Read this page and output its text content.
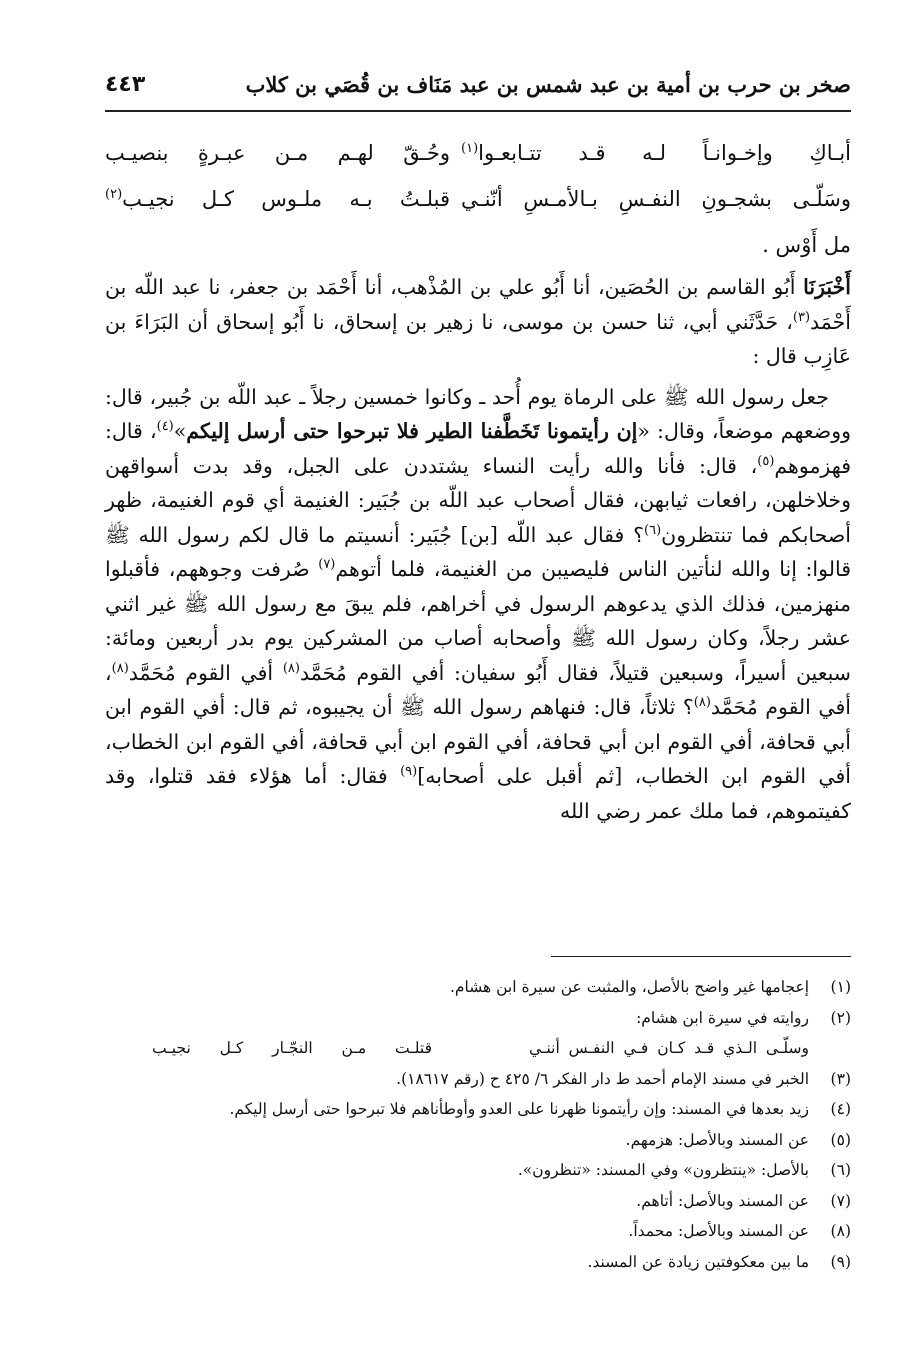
صخر بن حرب بن أمية بن عبد شمس بن عبد مَنَاف بن قُصَي بن كلاب
٤٤٣
أبـاكِ وإخـوانـاً لـه قـد تتـابعـوا$^{(١)}$
وحُـقّ لهـم مـن عبـرةٍ بنصيـب
وسَلّـى بشجـونِ النفـسِ بـالأمـسِ أنّنـي
قبلـتُ بـه ملـوس كـل نجيـب$^{(٢)}$
مل أَوْس .

أَخْبَرَنَا أَبُو القاسم بن الحُصَين، أنا أَبُو علي بن المُذْهب، أنا أَحْمَد بن جعفر، نا عبد اللّه بن أَحْمَد$^{(٣)}$، حَدَّثَني أبي، ثنا حسن بن موسى، نا زهير بن إسحاق، نا أَبُو إسحاق أن البَرَاءَ بن عَازِب قال :

جعل رسول الله ﷺ على الرماة يوم أُحد ـ وكانوا خمسين رجلاً ـ عبد اللّه بن جُبير، قال: ووضعهم موضعاً، وقال: «إن رأيتمونا تَخَطَّفنا الطير فلا تبرحوا حتى أرسل إليكم»$^{(٤)}$، قال: فهزموهم$^{(٥)}$، قال: فأنا والله رأيت النساء يشتددن على الجبل، وقد بدت أسواقهن وخلاخلهن، رافعات ثيابهن، فقال أصحاب عبد اللّه بن جُبَير: الغنيمة أي قوم الغنيمة، ظهر أصحابكم فما تنتظرون$^{(٦)}$؟ فقال عبد اللّه [بن] جُبَير: أنسيتم ما قال لكم رسول الله ﷺ قالوا: إنا والله لنأتين الناس فليصيبن من الغنيمة، فلما أتوهم$^{(٧)}$ صُرفت وجوههم، فأقبلوا منهزمين، فذلك الذي يدعوهم الرسول في أخراهم، فلم يبقَ مع رسول الله ﷺ غير اثني عشر رجلاً، وكان رسول الله ﷺ وأصحابه أصاب من المشركين يوم بدر أربعين ومائة: سبعين أسيراً، وسبعين قتيلاً، فقال أَبُو سفيان: أفي القوم مُحَمَّد$^{(٨)}$ أفي القوم مُحَمَّد$^{(٨)}$، أفي القوم مُحَمَّد$^{(٨)}$؟ ثلاثاً، قال: فنهاهم رسول الله ﷺ أن يجيبوه، ثم قال: أفي القوم ابن أبي قحافة، أفي القوم ابن أبي قحافة، أفي القوم ابن أبي قحافة، أفي القوم ابن الخطاب، أفي القوم ابن الخطاب، [ثم أقبل على أصحابه]$^{(٩)}$ فقال: أما هؤلاء فقد قتلوا، وقد كفيتموهم، فما ملك عمر رضي الله

(١)
إعجامها غير واضح بالأصل، والمثبت عن سيرة ابن هشام.
(٢)
روايته في سيرة ابن هشام:
وسلّـى الـذي قـد كـان فـي النفـس أننـي
قتلـت مـن النجّـار كـل نجيـب
(٣)
الخبر في مسند الإمام أحمد ط دار الفكر ٦/ ٤٢٥ ح (رقم ١٨٦١٧).
(٤)
زيد بعدها في المسند: وإن رأيتمونا ظهرنا على العدو وأوطأناهم فلا تبرحوا حتى أرسل إليكم.
(٥)
عن المسند وبالأصل: هزمهم.
(٦)
بالأصل: «ينتظرون» وفي المسند: «تنظرون».
(٧)
عن المسند وبالأصل: أتاهم.
(٨)
عن المسند وبالأصل: محمداً.
(٩)
ما بين معكوفتين زيادة عن المسند.
